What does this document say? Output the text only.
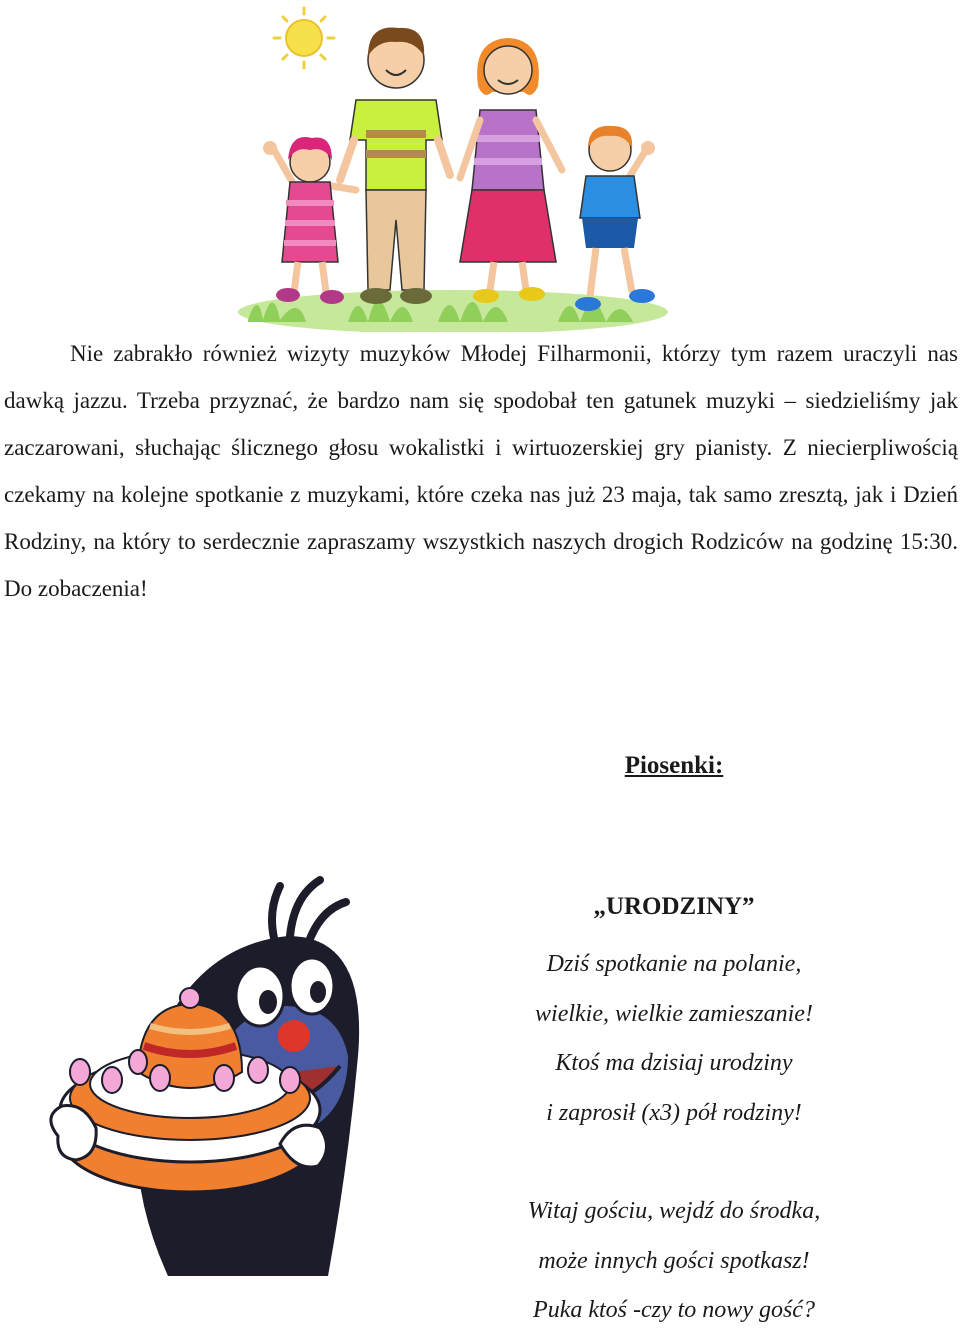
Nie zabrakło również wizyty muzyków Młodej Filharmonii, którzy tym razem uraczyli nas dawką jazzu. Trzeba przyznać, że bardzo nam się spodobał ten gatunek muzyki – siedzieliśmy jak zaczarowani, słuchając ślicznego głosu wokalistki i wirtuozerskiej gry pianisty. Z niecierpliwością czekamy na kolejne spotkanie z muzykami, które czeka nas już 23 maja, tak samo zresztą, jak i Dzień Rodziny, na który to serdecznie zapraszamy wszystkich naszych drogich Rodziców na godzinę 15:30. Do zobaczenia!

Piosenki:

„URODZINY”

Dziś spotkanie na polanie,
wielkie, wielkie zamieszanie!
Ktoś ma dzisiaj urodziny
i zaprosił (x3) pół rodziny!
Witaj gościu, wejdź do środka,
może innych gości spotkasz!
Puka ktoś -czy to nowy gość?
